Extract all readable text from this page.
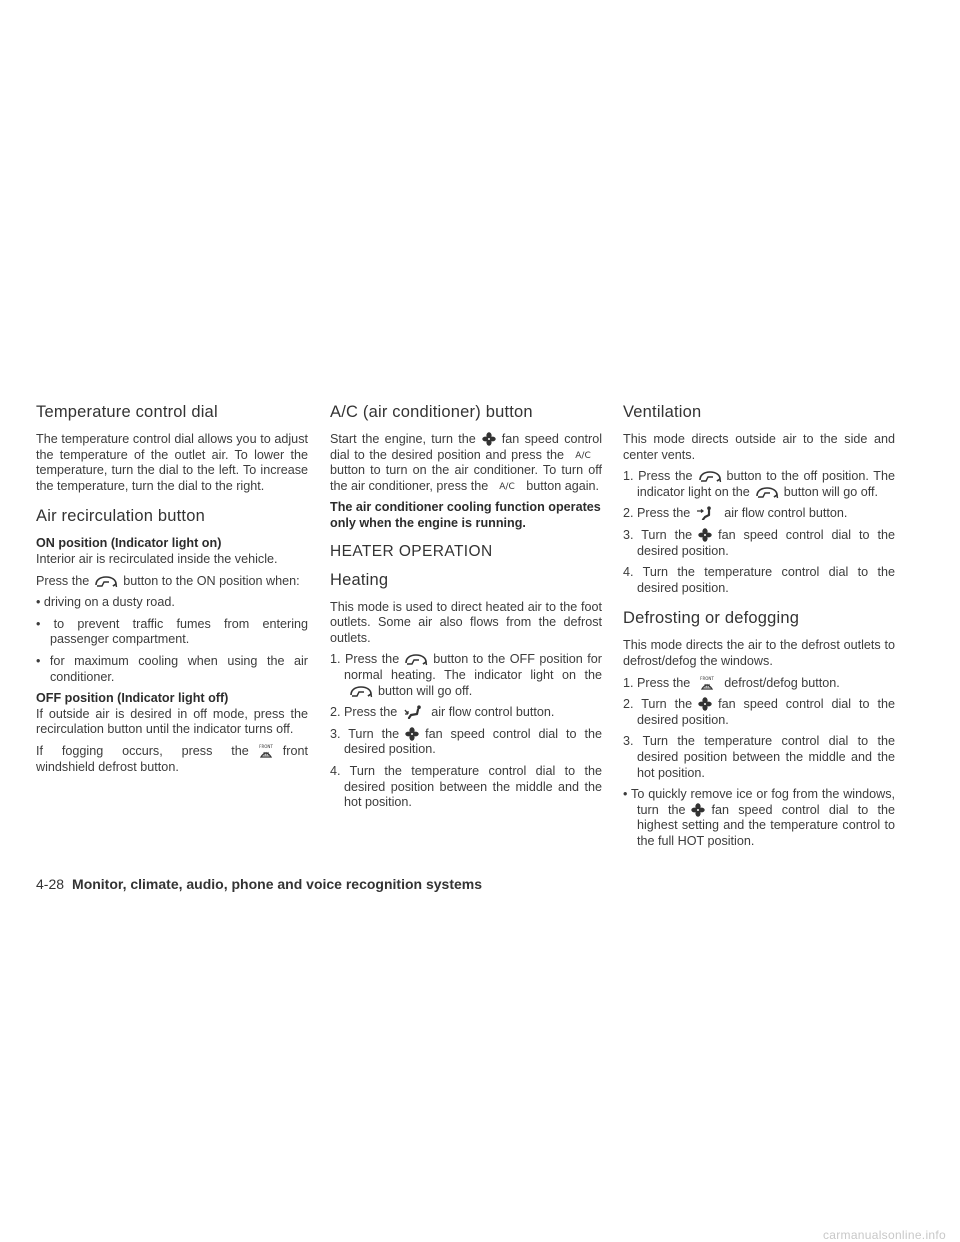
Temperature control dial

The temperature control dial allows you to adjust the temperature of the outlet air. To lower the temperature, turn the dial to the left. To increase the temperature, turn the dial to the right.

Air recirculation button

ON position (Indicator light on)

Interior air is recirculated inside the vehicle.

Press the	button to the ON position when:

• driving on a dusty road.
• to prevent traffic fumes from entering passenger compartment.
• for maximum cooling when using the air conditioner.

OFF position (Indicator light off)

If outside air is desired in off mode, press the recirculation button until the indicator turns off.

If fogging occurs, press the	FRONT front windshield defrost button.

A/C (air conditioner) button

Start the engine, turn the fan speed control dial to the desired position and press the A/C
button to turn on the air conditioner. To turn off the air conditioner, press the A/C button again.

The air conditioner cooling function operates only when the engine is running.

HEATER OPERATION
Heating

This mode is used to direct heated air to the foot outlets. Some air also flows from the defrost outlets.

1. Press the	button to the OFF position for normal heating. The indicator light on the
button will go off.
2. Press the	air flow control button.
3. Turn the fan speed control dial to the desired position.
4. Turn the temperature control dial to the desired position between the middle and the hot position.
Ventilation

This mode directs outside air to the side and center vents.

1. Press the	button to the off position. The indicator light on the	button will go off.
2. Press the	air flow control button.
3. Turn the fan speed control dial to the desired position.
4. Turn the temperature control dial to the desired position.
Defrosting or defogging

This mode directs the air to the defrost outlets to defrost/defog the windows.

1. Press the	FRONT defrost/defog button.
2. Turn the fan speed control dial to the desired position.
3. Turn the temperature control dial to the desired position between the middle and the hot position.
• To quickly remove ice or fog from the windows, turn the fan speed control dial to the highest setting and the temperature control to the full HOT position.
4-28 Monitor, climate, audio, phone and voice recognition systems
carmanualsonline.info
